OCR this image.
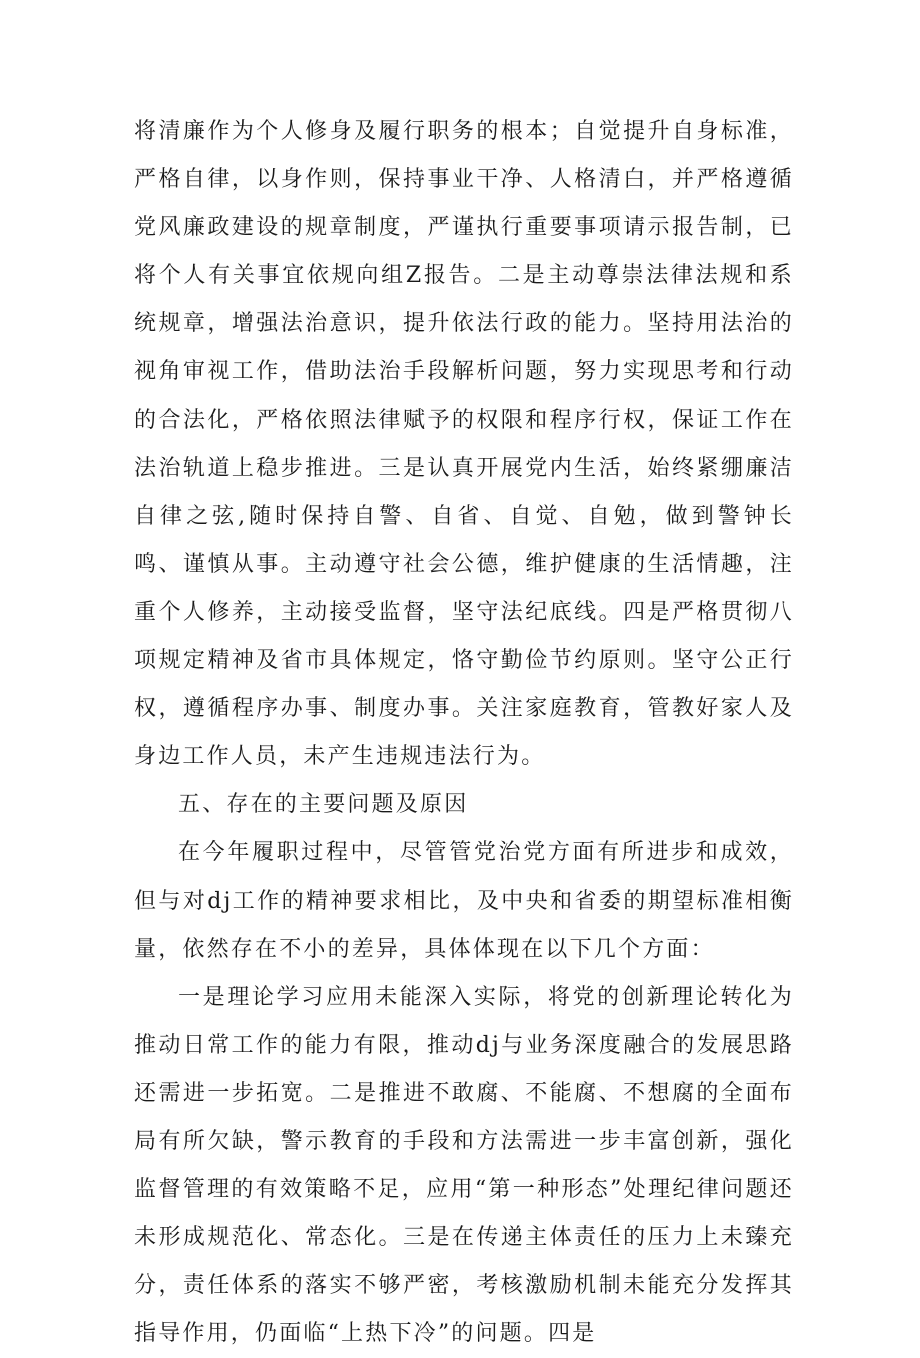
将清廉作为个人修身及履行职务的根本；自觉提升自身标准，严格自律，以身作则，保持事业干净、人格清白，并严格遵循党风廉政建设的规章制度，严谨执行重要事项请示报告制，已将个人有关事宜依规向组Z报告。二是主动尊崇法律法规和系统规章，增强法治意识，提升依法行政的能力。坚持用法治的视角审视工作，借助法治手段解析问题，努力实现思考和行动的合法化，严格依照法律赋予的权限和程序行权，保证工作在法治轨道上稳步推进。三是认真开展党内生活，始终紧绷廉洁自律之弦,随时保持自警、自省、自觉、自勉，做到警钟长鸣、谨慎从事。主动遵守社会公德，维护健康的生活情趣，注重个人修养，主动接受监督，坚守法纪底线。四是严格贯彻八项规定精神及省市具体规定，恪守勤俭节约原则。坚守公正行权，遵循程序办事、制度办事。关注家庭教育，管教好家人及身边工作人员，未产生违规违法行为。

五、存在的主要问题及原因

在今年履职过程中，尽管管党治党方面有所进步和成效，但与对dj工作的精神要求相比，及中央和省委的期望标准相衡量，依然存在不小的差异，具体体现在以下几个方面：

一是理论学习应用未能深入实际，将党的创新理论转化为推动日常工作的能力有限，推动dj与业务深度融合的发展思路还需进一步拓宽。二是推进不敢腐、不能腐、不想腐的全面布局有所欠缺，警示教育的手段和方法需进一步丰富创新，强化监督管理的有效策略不足，应用“第一种形态”处理纪律问题还未形成规范化、常态化。三是在传递主体责任的压力上未臻充分，责任体系的落实不够严密，考核激励机制未能充分发挥其指导作用，仍面临“上热下冷”的问题。四是
